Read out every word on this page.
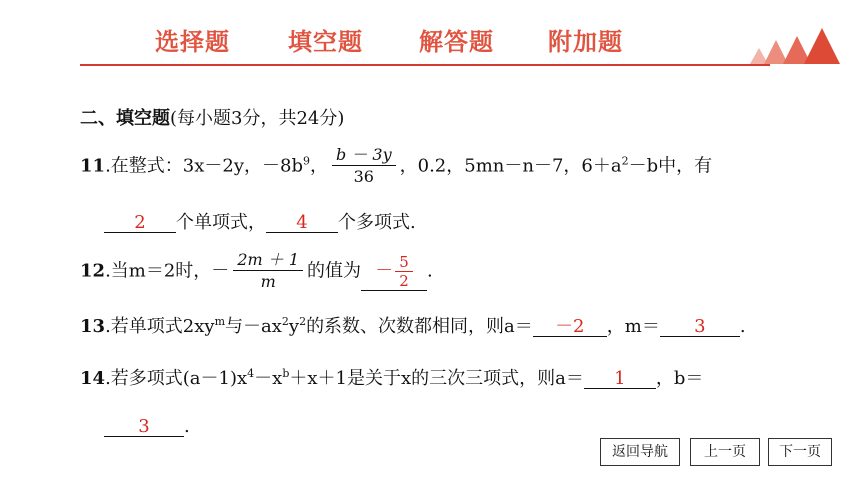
选择题 填空题 解答题 附加题
二、填空题(每小题3分，共24分)
11.在整式：3x－2y，$-8b^9$， $\frac{b - 3y}{36}$ ，0.2，5mn－n－7，$6+a^2-b$中，有
2 个单项式， 4 个多项式.
12.当m＝2时，－ $\frac{2m + 1}{m}$ 的值为 － $\frac{5}{2}$ .
13.若单项式$2xy^m$与$-ax^2y^2$的系数、次数都相同，则a＝ －2 ，m＝ 3 .
14.若多项式$(a-1)x^4-x^b+x+1$是关于x的三次三项式，则a＝ 1 ，b＝
3 .
返回导航	上一页	下一页
